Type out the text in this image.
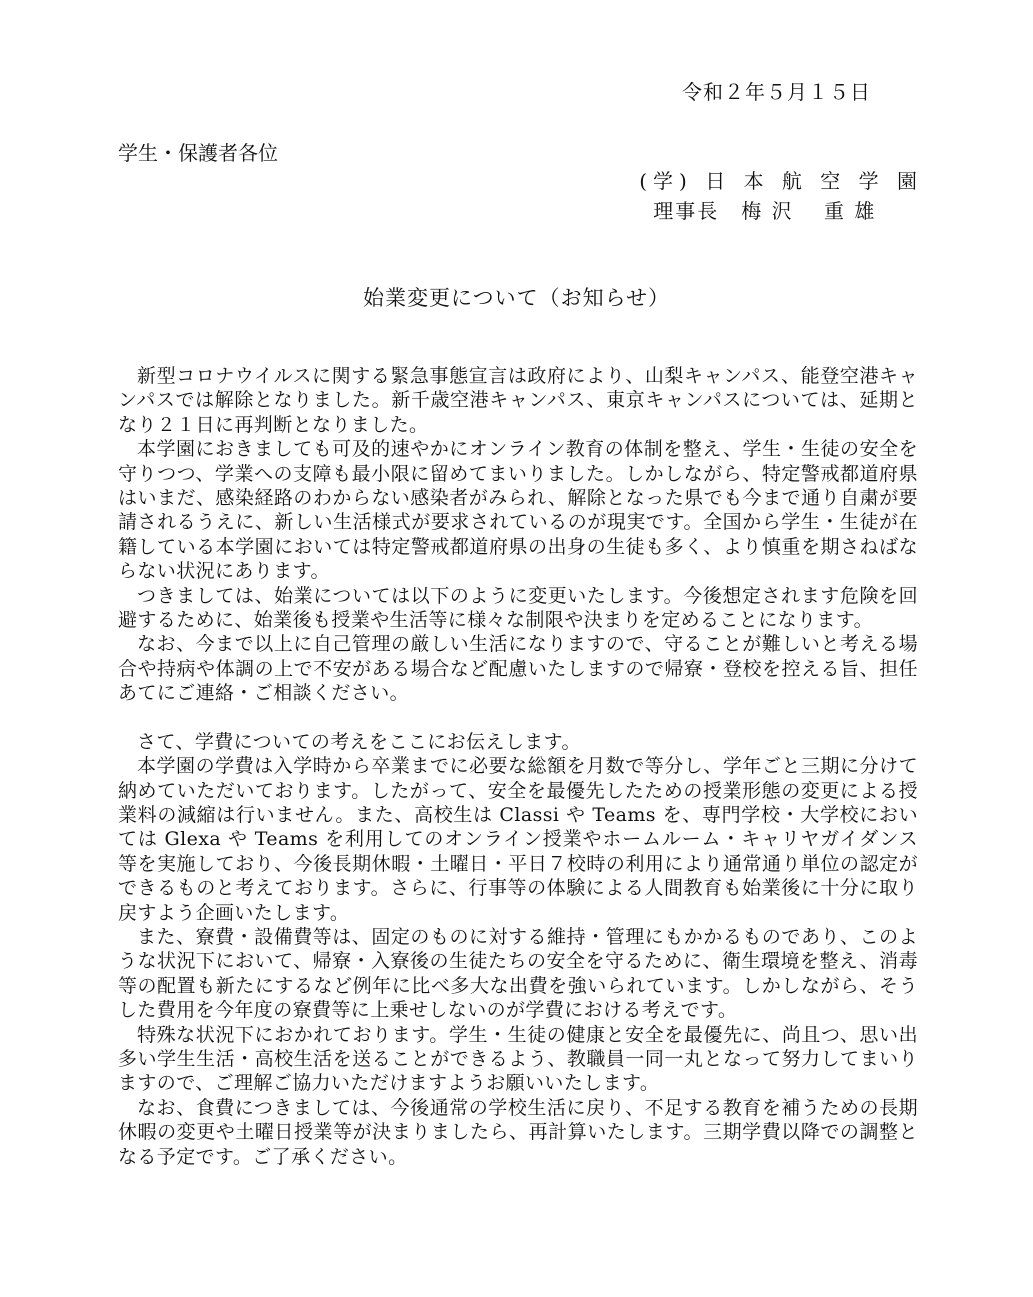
令和２年５月１５日
学生・保護者各位
(学) 日 本 航 空 学 園
理事長　梅 沢　 重 雄
始業変更について（お知らせ）

新型コロナウイルスに関する緊急事態宣言は政府により、山梨キャンパス、能登空港キャンパスでは解除となりました。新千歳空港キャンパス、東京キャンパスについては、延期となり２１日に再判断となりました。

本学園におきましても可及的速やかにオンライン教育の体制を整え、学生・生徒の安全を守りつつ、学業への支障も最小限に留めてまいりました。しかしながら、特定警戒都道府県はいまだ、感染経路のわからない感染者がみられ、解除となった県でも今まで通り自粛が要請されるうえに、新しい生活様式が要求されているのが現実です。全国から学生・生徒が在籍している本学園においては特定警戒都道府県の出身の生徒も多く、より慎重を期さねばならない状況にあります。

つきましては、始業については以下のように変更いたします。今後想定されます危険を回避するために、始業後も授業や生活等に様々な制限や決まりを定めることになります。

なお、今まで以上に自己管理の厳しい生活になりますので、守ることが難しいと考える場合や持病や体調の上で不安がある場合など配慮いたしますので帰寮・登校を控える旨、担任あてにご連絡・ご相談ください。

さて、学費についての考えをここにお伝えします。

本学園の学費は入学時から卒業までに必要な総額を月数で等分し、学年ごと三期に分けて納めていただいております。したがって、安全を最優先したための授業形態の変更による授業料の減縮は行いません。また、高校生は Classi や Teams を、専門学校・大学校においては Glexa や Teams を利用してのオンライン授業やホームルーム・キャリヤガイダンス等を実施しており、今後長期休暇・土曜日・平日７校時の利用により通常通り単位の認定ができるものと考えております。さらに、行事等の体験による人間教育も始業後に十分に取り戻すよう企画いたします。

また、寮費・設備費等は、固定のものに対する維持・管理にもかかるものであり、このような状況下において、帰寮・入寮後の生徒たちの安全を守るために、衛生環境を整え、消毒等の配置も新たにするなど例年に比べ多大な出費を強いられています。しかしながら、そうした費用を今年度の寮費等に上乗せしないのが学費における考えです。

特殊な状況下におかれております。学生・生徒の健康と安全を最優先に、尚且つ、思い出多い学生生活・高校生活を送ることができるよう、教職員一同一丸となって努力してまいりますので、ご理解ご協力いただけますようお願いいたします。

なお、食費につきましては、今後通常の学校生活に戻り、不足する教育を補うための長期休暇の変更や土曜日授業等が決まりましたら、再計算いたします。三期学費以降での調整となる予定です。ご了承ください。
